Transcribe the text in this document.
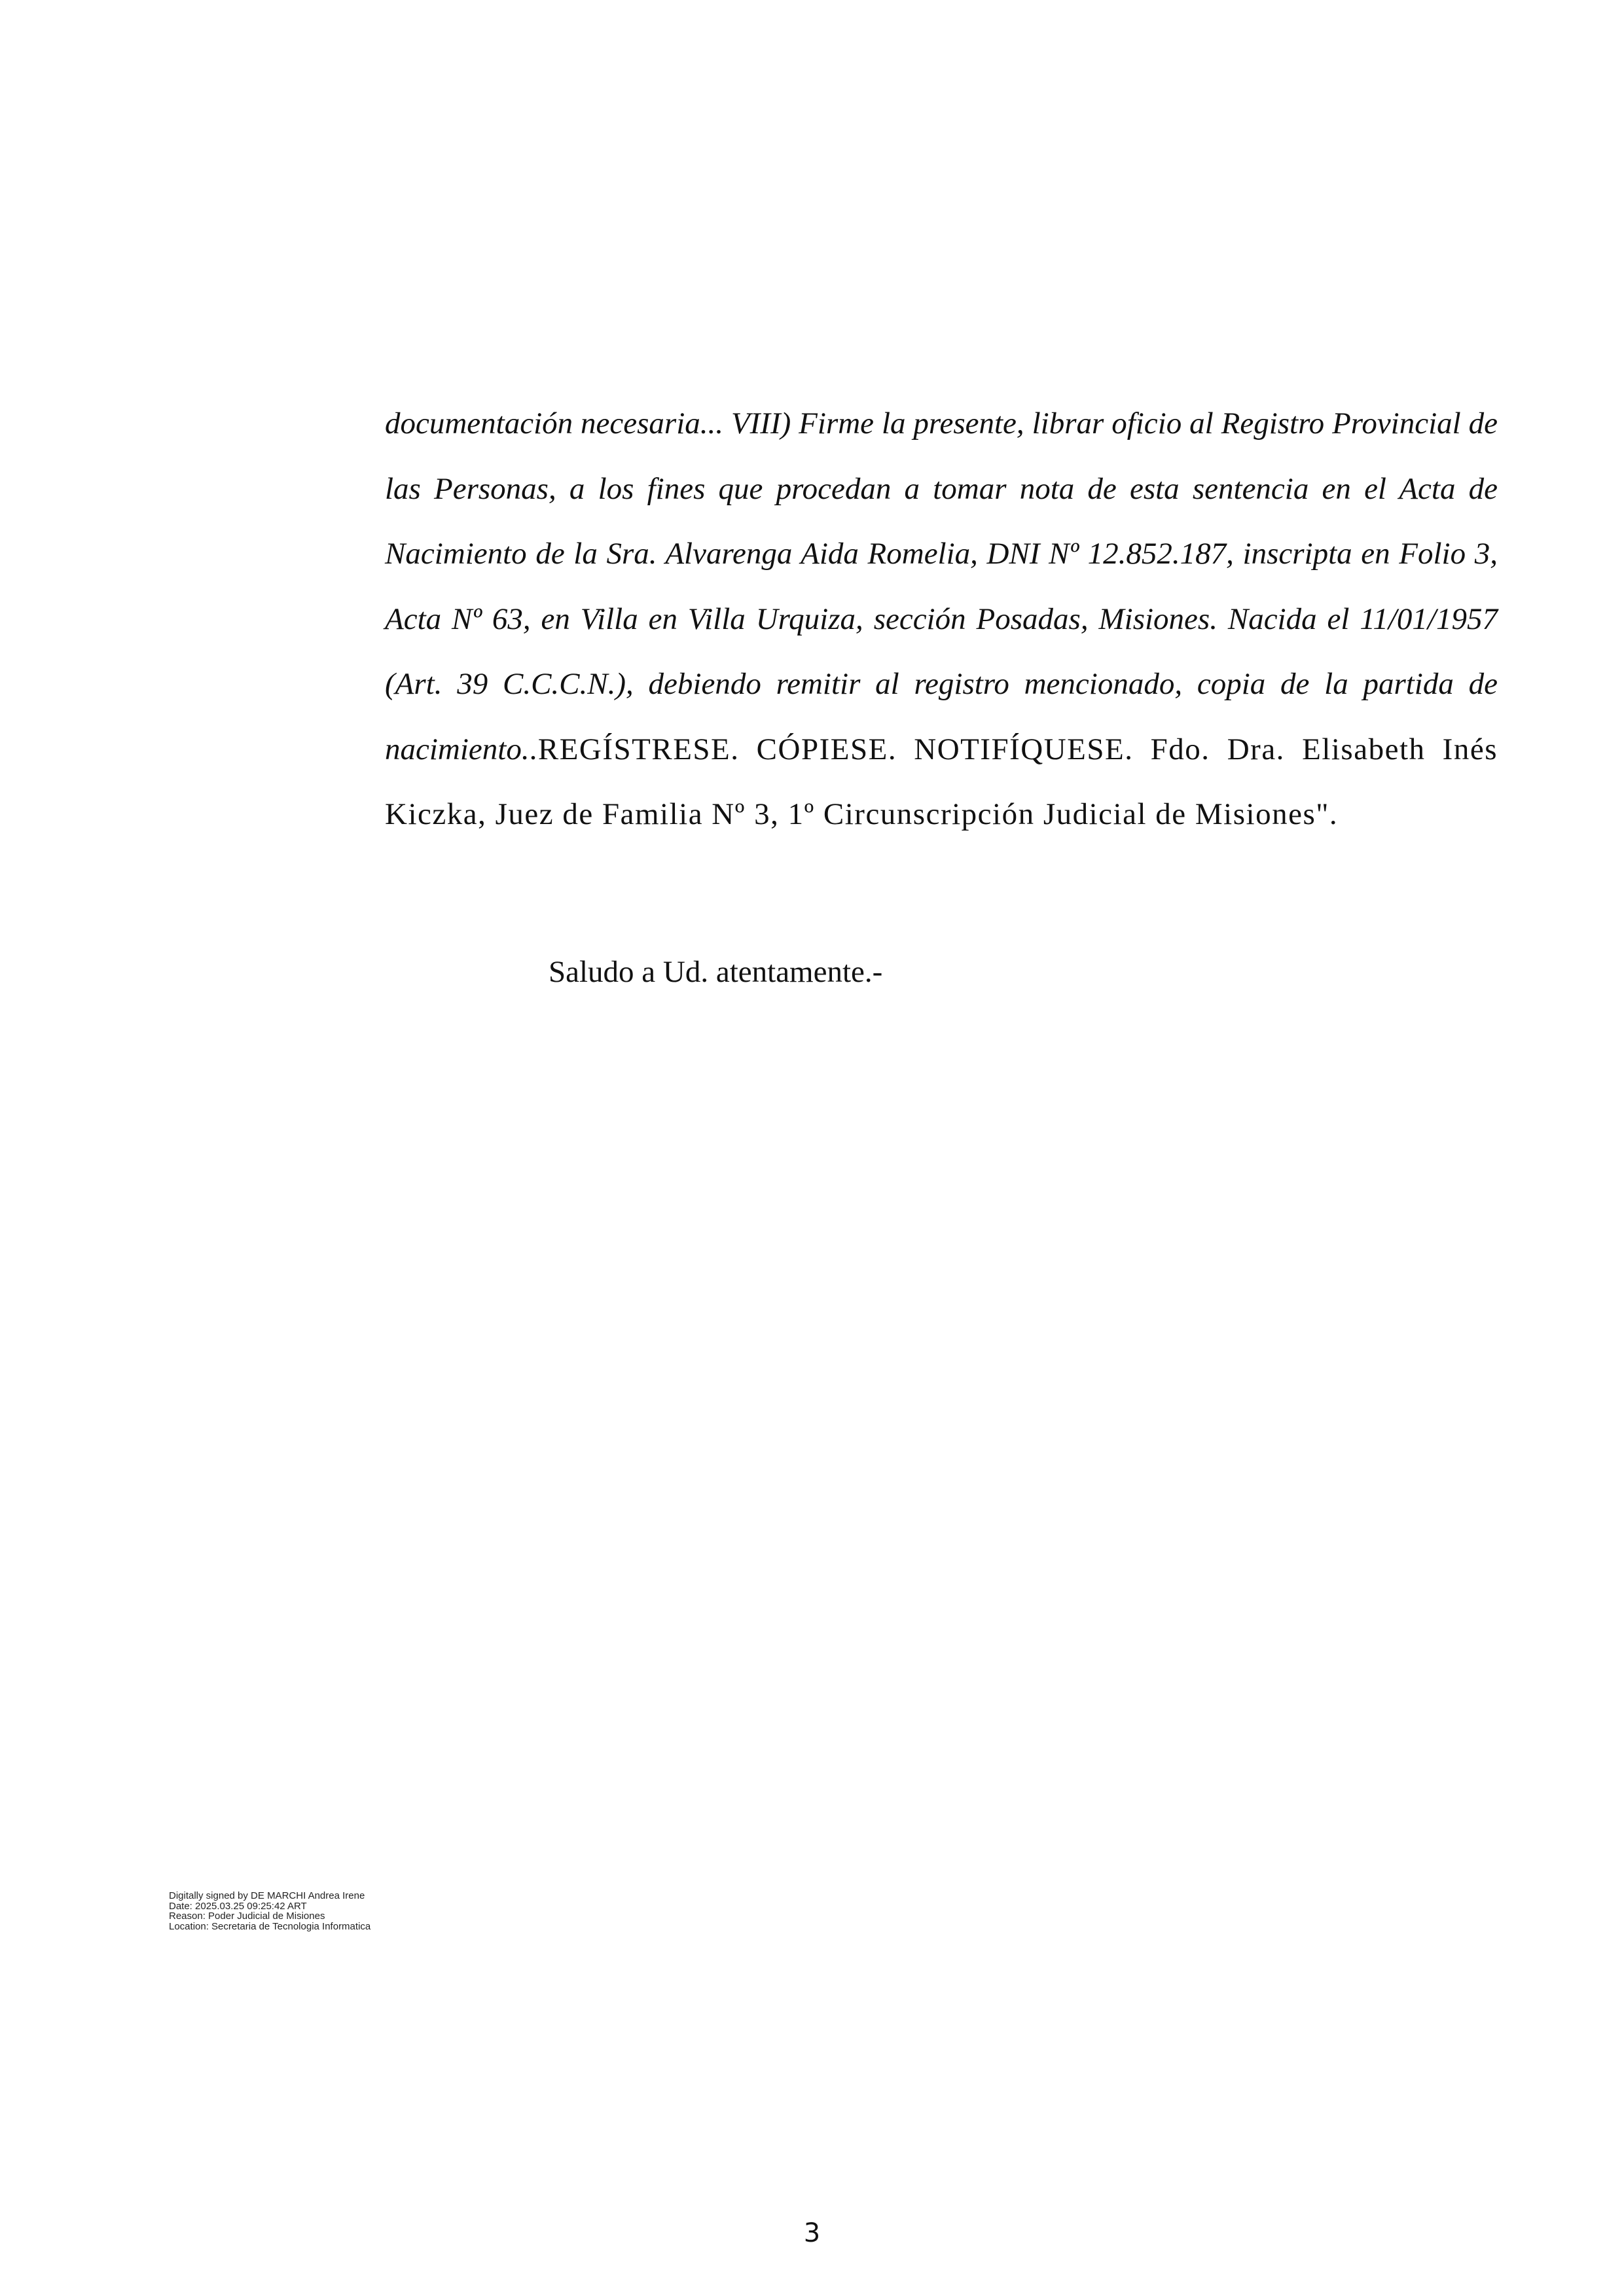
documentación necesaria... VIII) Firme la presente, librar oficio al Registro Provincial de las Personas, a los fines que procedan a tomar nota de esta sentencia en el Acta de Nacimiento de la Sra. Alvarenga Aida Romelia, DNI Nº 12.852.187, inscripta en Folio 3, Acta Nº 63, en Villa en Villa Urquiza, sección Posadas, Misiones. Nacida el 11/01/1957 (Art. 39 C.C.C.N.), debiendo remitir al registro mencionado, copia de la partida de nacimiento..REGÍSTRESE. CÓPIESE. NOTIFÍQUESE. Fdo. Dra. Elisabeth Inés Kiczka, Juez de Familia Nº 3, 1º Circunscripción Judicial de Misiones".

Saludo a Ud. atentamente.-

Digitally signed by DE MARCHI Andrea Irene
Date: 2025.03.25 09:25:42 ART
Reason: Poder Judicial de Misiones
Location: Secretaria de Tecnologia Informatica
3
